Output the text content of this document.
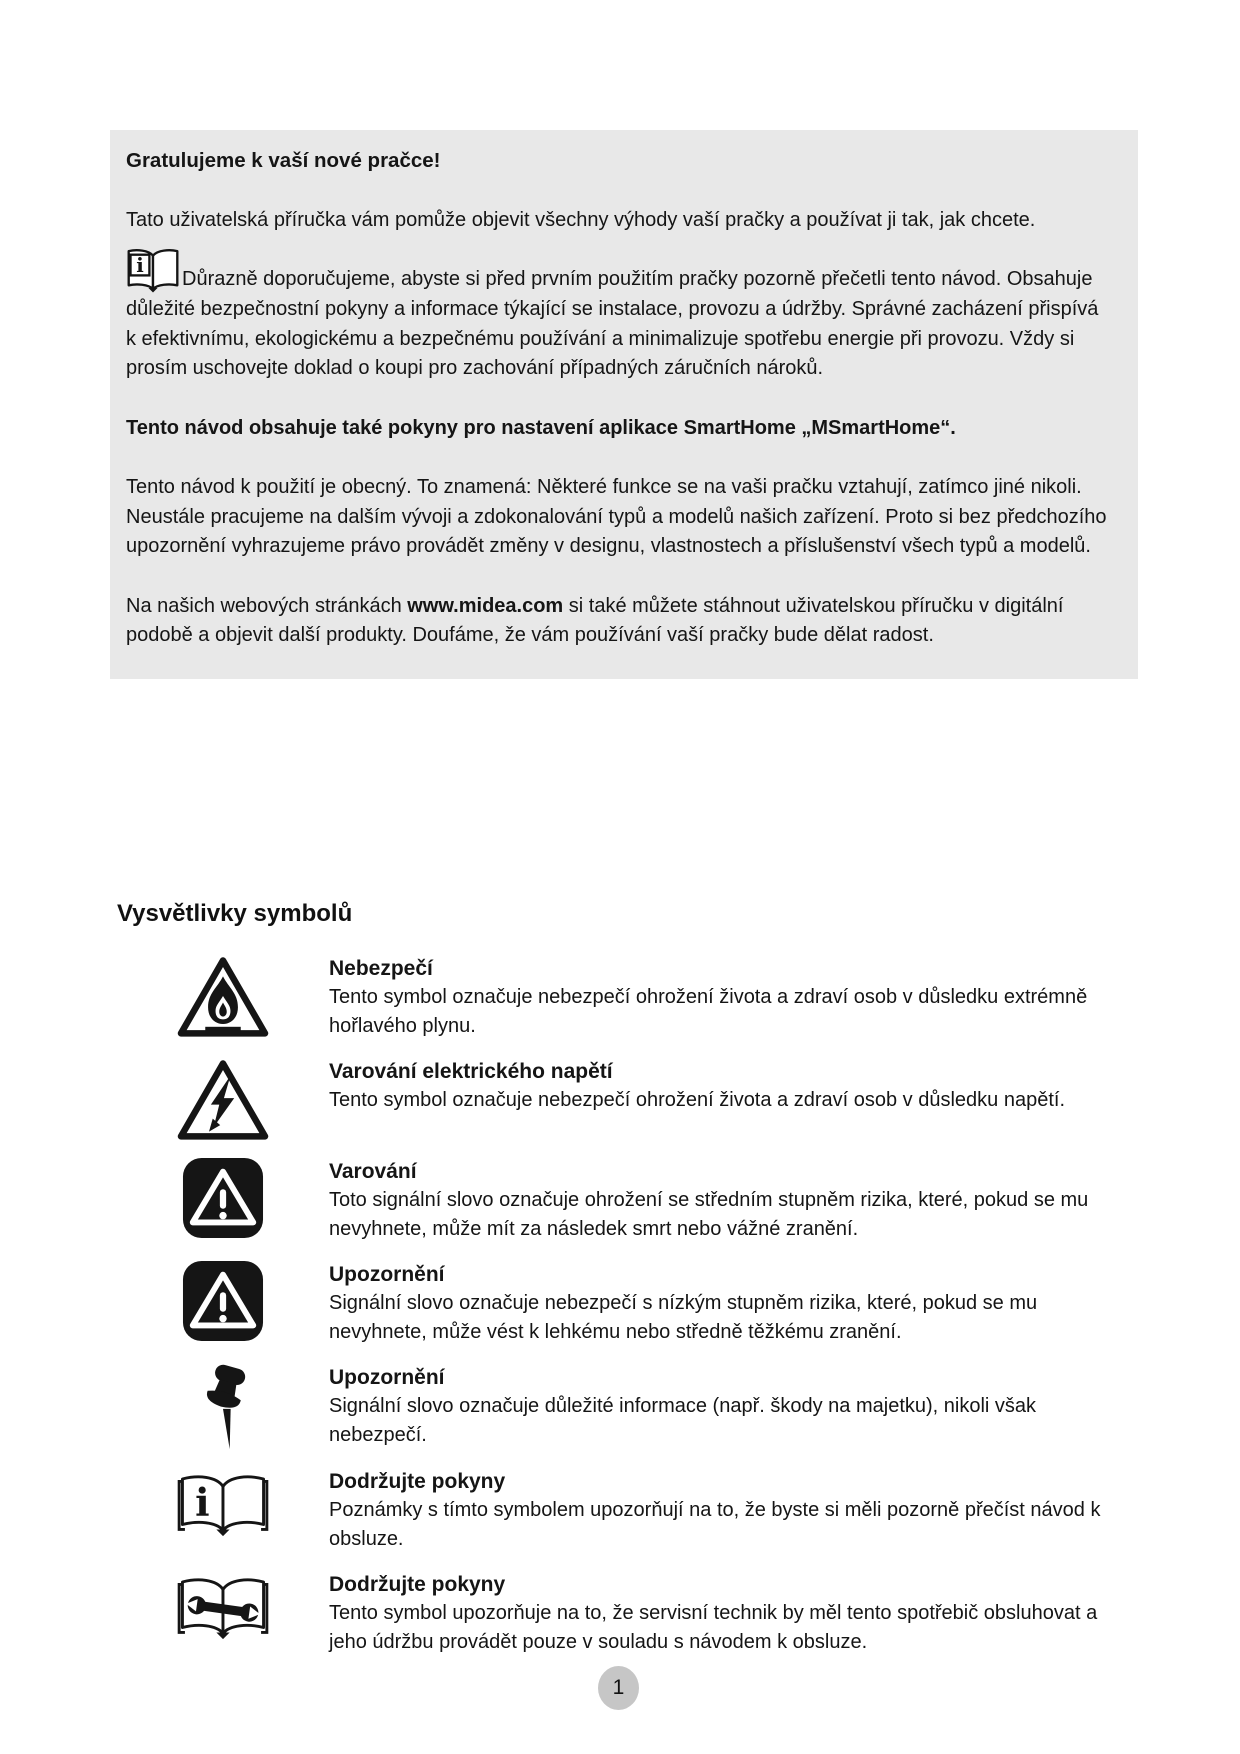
Gratulujeme k vaší nové pračce!

Tato uživatelská příručka vám pomůže objevit všechny výhody vaší pračky a používat ji tak, jak chcete.

i
Důrazně doporučujeme, abyste si před prvním použitím pračky pozorně přečetli tento návod. Obsahuje důležité bezpečnostní pokyny a informace týkající se instalace, provozu a údržby. Správné zacházení přispívá k efektivnímu, ekologickému a bezpečnému používání a minimalizuje spotřebu energie při provozu. Vždy si prosím uschovejte doklad o koupi pro zachování případných záručních nároků.

Tento návod obsahuje také pokyny pro nastavení aplikace SmartHome „MSmartHome“.

Tento návod k použití je obecný. To znamená: Některé funkce se na vaši pračku vztahují, zatímco jiné nikoli. Neustále pracujeme na dalším vývoji a zdokonalování typů a modelů našich zařízení. Proto si bez předchozího upozornění vyhrazujeme právo provádět změny v designu, vlastnostech a příslušenství všech typů a modelů.

Na našich webových stránkách www.midea.com si také můžete stáhnout uživatelskou příručku v digitální podobě a objevit další produkty. Doufáme, že vám používání vaší pračky bude dělat radost.

Vysvětlivky symbolů

Nebezpečí

Tento symbol označuje nebezpečí ohrožení života a zdraví osob v důsledku extrémně hořlavého plynu.

Varování elektrického napětí

Tento symbol označuje nebezpečí ohrožení života a zdraví osob v důsledku napětí.

Varování

Toto signální slovo označuje ohrožení se středním stupněm rizika, které, pokud se mu nevyhnete, může mít za následek smrt nebo vážné zranění.

Upozornění

Signální slovo označuje nebezpečí s nízkým stupněm rizika, které, pokud se mu nevyhnete, může vést k lehkému nebo středně těžkému zranění.

Upozornění

Signální slovo označuje důležité informace (např. škody na majetku), nikoli však nebezpečí.

i	Dodržujte pokyny

Poznámky s tímto symbolem upozorňují na to, že byste si měli pozorně přečíst návod k obsluze.

Dodržujte pokyny

Tento symbol upozorňuje na to, že servisní technik by měl tento spotřebič obsluhovat a jeho údržbu provádět pouze v souladu s návodem k obsluze.

1
